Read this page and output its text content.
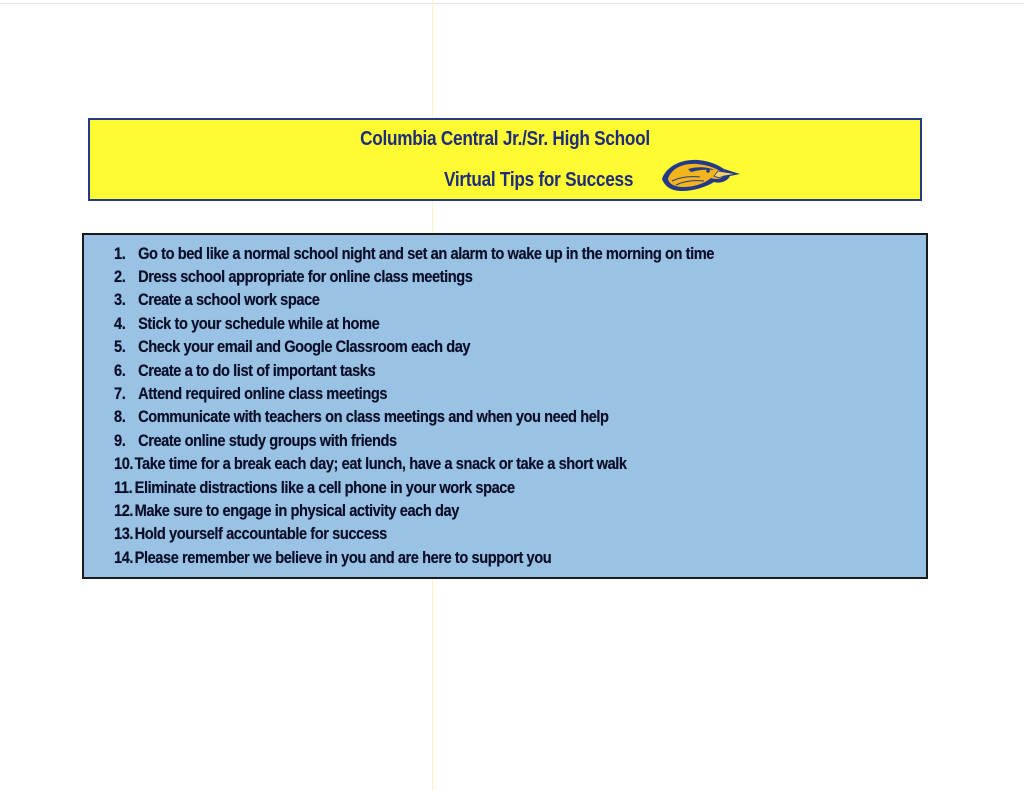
Columbia Central Jr./Sr. High School
Virtual Tips for Success
1. Go to bed like a normal school night and set an alarm to wake up in the morning on time
2. Dress school appropriate for online class meetings
3. Create a school work space
4. Stick to your schedule while at home
5. Check your email and Google Classroom each day
6. Create a to do list of important tasks
7. Attend required online class meetings
8. Communicate with teachers on class meetings and when you need help
9. Create online study groups with friends
10. Take time for a break each day; eat lunch, have a snack or take a short walk
11. Eliminate distractions like a cell phone in your work space
12. Make sure to engage in physical activity each day
13. Hold yourself accountable for success
14. Please remember we believe in you and are here to support you
